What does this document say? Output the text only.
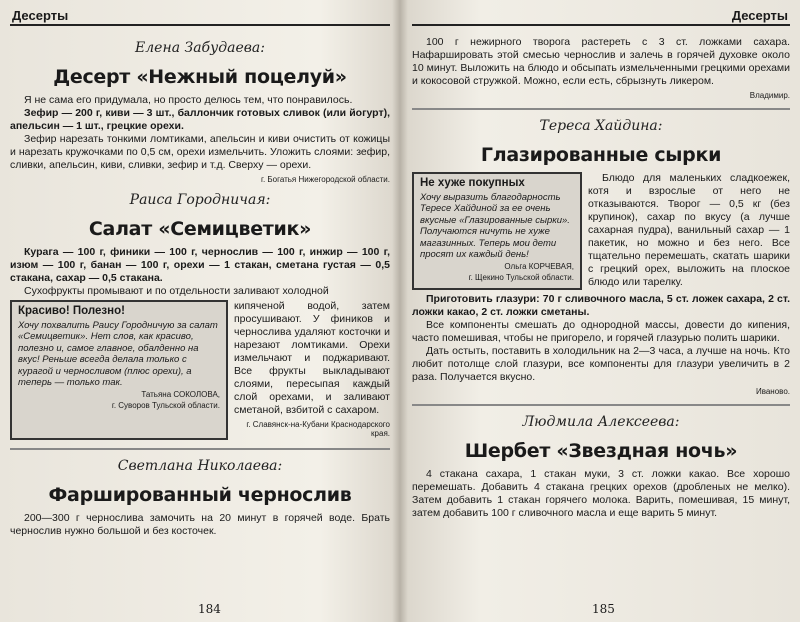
Десерты
Елена Забудаева:
Десерт «Нежный поцелуй»

Я не сама его придумала, но просто делюсь тем, что понравилось.

Зефир — 200 г, киви — 3 шт., баллончик готовых сливок (или йогурт), апельсин — 1 шт., грецкие орехи.

Зефир нарезать тонкими ломтиками, апельсин и киви очистить от кожицы и нарезать кружочками по 0,5 см, орехи измельчить. Уложить слоями: зефир, сливки, апельсин, киви, сливки, зефир и т.д. Сверху — орехи.

г. Богатья Нижегородской области.
Раиса Городничая:
Салат «Семицветик»

Курага — 100 г, финики — 100 г, чернослив — 100 г, инжир — 100 г, изюм — 100 г, банан — 100 г, орехи — 1 стакан, сметана густая — 0,5 стакана, сахар — 0,5 стакана.

Сухофрукты промывают и по отдельности заливают холодной

Красиво! Полезно!
Хочу похвалить Раису Городничую за салат «Семицветик». Нет слов, как красиво, полезно и, самое главное, обалденно на вкус! Реньше всегда делала только с курагой и черносливом (плюс орехи), а теперь — только так.
Татьяна СОКОЛОВА,
г. Суворов Тульской области.

кипяченой водой, затем просушивают. У фиников и чернослива удаляют косточки и нарезают ломтиками. Орехи измельчают и поджаривают. Все фрукты выкладывают слоями, пересыпая каждый слой орехами, и заливают сметаной, взбитой с сахаром.

г. Славянск-на-Кубани Краснодарского края.
Светлана Николаева:
Фаршированный чернослив

200—300 г чернослива замочить на 20 минут в горячей воде. Брать чернослив нужно большой и без косточек.

184
Десерты

100 г нежирного творога растереть с 3 ст. ложками сахара. Нафаршировать этой смесью чернослив и залечь в горячей духовке около 10 минут. Выложить на блюдо и обсыпать измельченными грецкими орехами и кокосовой стружкой. Можно, если есть, сбрызнуть ликером.

Владимир.
Тереса Хайдина:
Глазированные сырки
Не хуже покупных
Хочу выразить благодарность Тересе Хайдиной за ее очень вкусные «Глазированные сырки». Получаются ничуть не хуже магазинных. Теперь мои дети просят их каждый день!
Ольга КОРЧЕВАЯ,
г. Щекино Тульской области.

Блюдо для маленьких сладкоежек, котя и взрослые от него не отказываются. Творог — 0,5 кг (без крупинок), сахар по вкусу (а лучше сахарная пудра), ванильный сахар — 1 пакетик, но можно и без него. Все тщательно перемешать, скатать шарики с грецкий орех, выложить на плоское блюдо или тарелку.

Приготовить глазури: 70 г сливочного масла, 5 ст. ложек сахара, 2 ст. ложки какао, 2 ст. ложки сметаны.

Все компоненты смешать до однородной массы, довести до кипения, часто помешивая, чтобы не пригорело, и горячей глазурью полить шарики.

Дать остыть, поставить в холодильник на 2—3 часа, а лучше на ночь. Кто любит потолще слой глазури, все компоненты для глазури увеличить в 2 раза. Получается вкусно.

Иваново.
Людмила Алексеева:
Шербет «Звездная ночь»

4 стакана сахара, 1 стакан муки, 3 ст. ложки какао. Все хорошо перемешать. Добавить 4 стакана грецких орехов (дробленых не мелко). Затем добавить 1 стакан горячего молока. Варить, помешивая, 15 минут, затем добавить 100 г сливочного масла и еще варить 5 минут.

185
